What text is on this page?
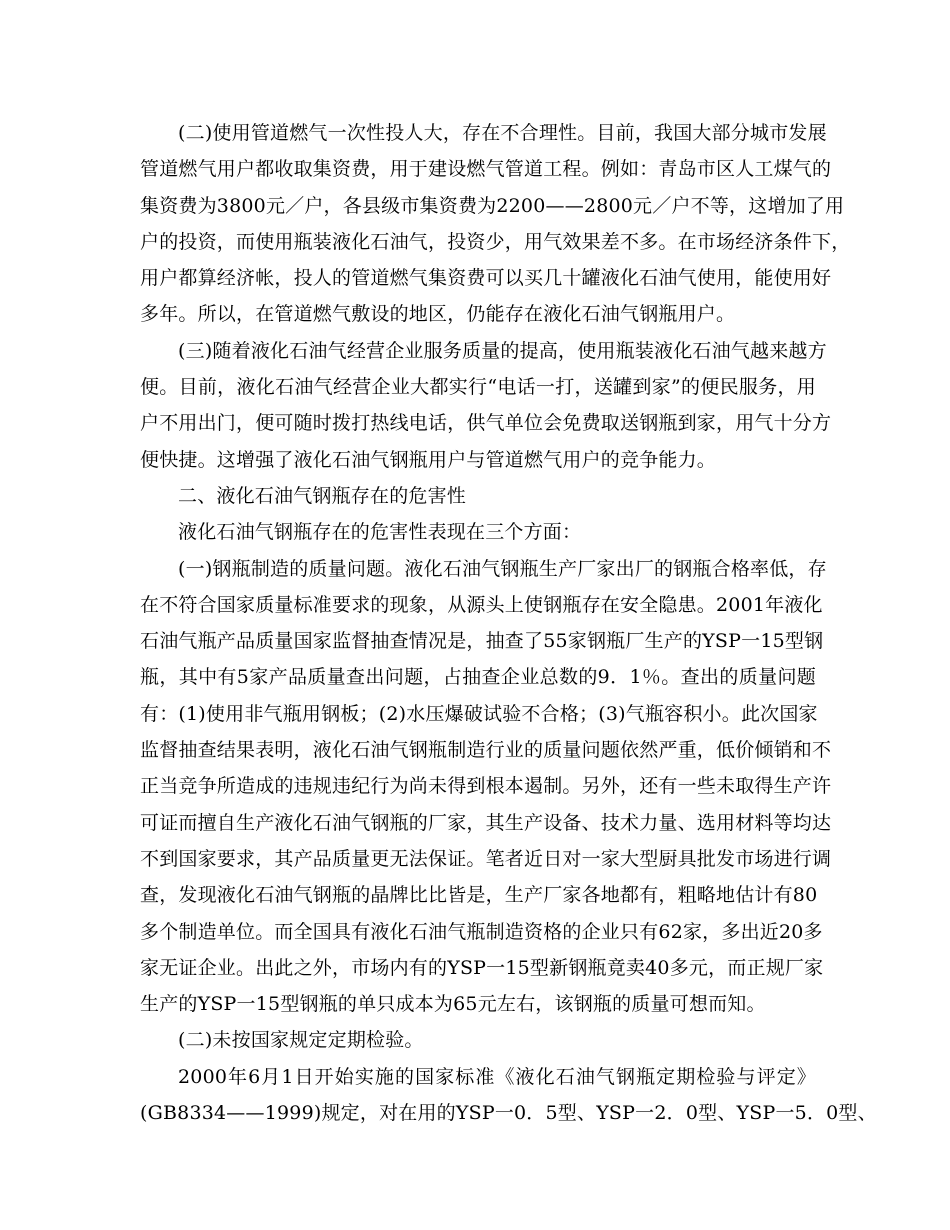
(二)使用管道燃气一次性投人大，存在不合理性。目前，我国大部分城市发展
管道燃气用户都收取集资费，用于建设燃气管道工程。例如：青岛市区人工煤气的
集资费为3800元／户，各县级市集资费为2200——2800元／户不等，这增加了用
户的投资，而使用瓶装液化石油气，投资少，用气效果差不多。在市场经济条件下，
用户都算经济帐，投人的管道燃气集资费可以买几十罐液化石油气使用，能使用好
多年。所以，在管道燃气敷设的地区，仍能存在液化石油气钢瓶用户。
(三)随着液化石油气经营企业服务质量的提高，使用瓶装液化石油气越来越方
便。目前，液化石油气经营企业大都实行“电话一打，送罐到家”的便民服务，用
户不用出门，便可随时拨打热线电话，供气单位会免费取送钢瓶到家，用气十分方
便快捷。这增强了液化石油气钢瓶用户与管道燃气用户的竞争能力。
二、液化石油气钢瓶存在的危害性
液化石油气钢瓶存在的危害性表现在三个方面：
(一)钢瓶制造的质量问题。液化石油气钢瓶生产厂家出厂的钢瓶合格率低，存
在不符合国家质量标准要求的现象，从源头上使钢瓶存在安全隐患。2001年液化
石油气瓶产品质量国家监督抽查情况是，抽查了55家钢瓶厂生产的YSP一15型钢
瓶，其中有5家产品质量查出问题，占抽查企业总数的9．1％。查出的质量问题
有：(1)使用非气瓶用钢板；(2)水压爆破试验不合格；(3)气瓶容积小。此次国家
监督抽查结果表明，液化石油气钢瓶制造行业的质量问题依然严重，低价倾销和不
正当竞争所造成的违规违纪行为尚未得到根本遏制。另外，还有一些未取得生产许
可证而擅自生产液化石油气钢瓶的厂家，其生产设备、技术力量、选用材料等均达
不到国家要求，其产品质量更无法保证。笔者近日对一家大型厨具批发市场进行调
查，发现液化石油气钢瓶的晶牌比比皆是，生产厂家各地都有，粗略地估计有80
多个制造单位。而全国具有液化石油气瓶制造资格的企业只有62家，多出近20多
家无证企业。出此之外，市场内有的YSP一15型新钢瓶竟卖40多元，而正规厂家
生产的YSP一15型钢瓶的单只成本为65元左右，该钢瓶的质量可想而知。
(二)未按国家规定定期检验。
2000年6月1日开始实施的国家标准《液化石油气钢瓶定期检验与评定》
(GB8334——1999)规定，对在用的YSP一0．5型、YSP一2．0型、YSP一5．0型、
